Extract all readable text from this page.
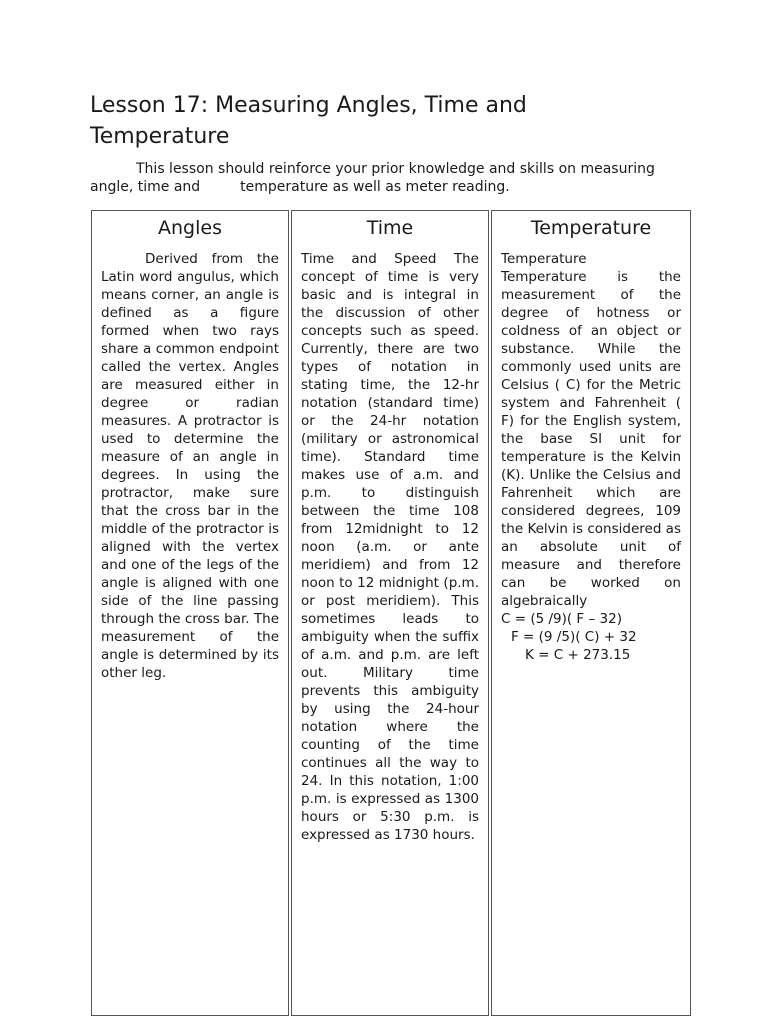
Lesson 17: Measuring Angles, Time and Temperature

This lesson should reinforce your prior knowledge and skills on measuring angle, time and	temperature as well as meter reading.

Angles

Derived from the Latin word angulus, which means corner, an angle is defined as a figure formed when two rays share a common endpoint called the vertex. Angles are measured either in degree or radian measures. A protractor is used to determine the measure of an angle in degrees. In using the protractor, make sure that the cross bar in the middle of the protractor is aligned with the vertex and one of the legs of the angle is aligned with one side of the line passing through the cross bar. The measurement of the angle is determined by its other leg.

Time

Time and Speed The concept of time is very basic and is integral in the discussion of other concepts such as speed. Currently, there are two types of notation in stating time, the 12-hr notation (standard time) or the 24-hr notation (military or astronomical time). Standard time makes use of a.m. and p.m. to distinguish between the time 108 from 12midnight to 12 noon (a.m. or ante meridiem) and from 12 noon to 12 midnight (p.m. or post meridiem). This sometimes leads to ambiguity when the suffix of a.m. and p.m. are left out. Military time prevents this ambiguity by using the 24-hour notation where the counting of the time continues all the way to 24. In this notation, 1:00 p.m. is expressed as 1300 hours or 5:30 p.m. is expressed as 1730 hours.

Temperature

Temperature

Temperature is the measurement of the degree of hotness or coldness of an object or substance. While the commonly used units are Celsius ( C) for the Metric system and Fahrenheit ( F) for the English system, the base SI unit for temperature is the Kelvin (K). Unlike the Celsius and Fahrenheit which are considered degrees, 109 the Kelvin is considered as an absolute unit of measure and therefore can be worked on algebraically

C = (5 /9)( F – 32)

F = (9 /5)( C) + 32

K = C + 273.15
